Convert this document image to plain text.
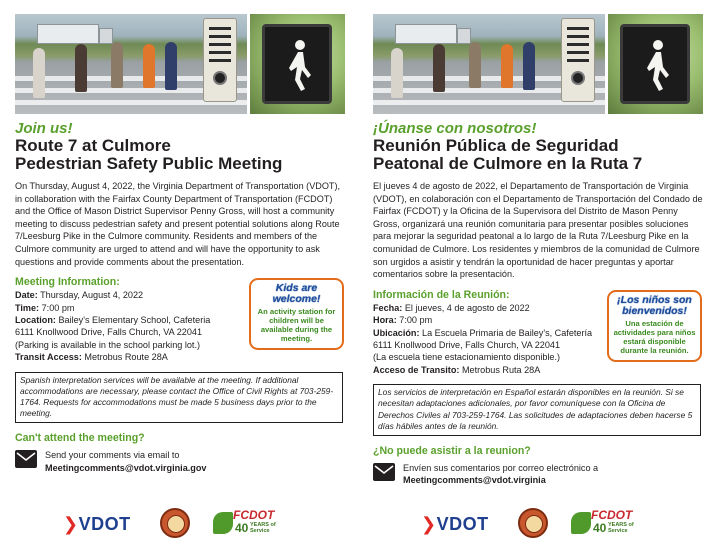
Join us!
Route 7 at Culmore
Pedestrian Safety Public Meeting

On Thursday, August 4, 2022, the Virginia Department of Transportation (VDOT), in collaboration with the Fairfax County Department of Transportation (FCDOT) and the Office of Mason District Supervisor Penny Gross, will host a community meeting to discuss pedestrian safety and present potential solutions along Route 7/Leesburg Pike in the Culmore community. Residents and members of the Culmore community are urged to attend and will have the opportunity to ask questions and provide comments about the presentation.

Meeting Information:
Date: Thursday, August 4, 2022
Time: 7:00 pm
Location: Bailey's Elementary School, Cafeteria
6111 Knollwood Drive, Falls Church, VA 22041
(Parking is available in the school parking lot.)
Transit Access: Metrobus Route 28A
Kids are welcome!
An activity station for children will be available during the meeting.
Spanish interpretation services will be available at the meeting. If additional accommodations are necessary, please contact the Office of Civil Rights at 703-259-1764. Requests for accommodations must be made 5 business days prior to the meeting.
Can't attend the meeting?
Send your comments via email to
Meetingcomments@vdot.virginia.gov
❯VDOT	FCDOT
40 YEARS of Service
¡Únanse con nosotros!
Reunión Pública de Seguridad
Peatonal de Culmore en la Ruta 7

El jueves 4 de agosto de 2022, el Departamento de Transportación de Virginia (VDOT), en colaboración con el Departamento de Transportación del Condado de Fairfax (FCDOT) y la Oficina de la Supervisora del Distrito de Mason Penny Gross, organizará una reunión comunitaria para presentar posibles soluciones para mejorar la seguridad peatonal a lo largo de la Ruta 7/Leesburg Pike en la comunidad de Culmore. Los residentes y miembros de la comunidad de Culmore son urgidos a asistir y tendrán la oportunidad de hacer preguntas y aportar comentarios sobre la presentación.

Información de la Reunión:
Fecha: El jueves, 4 de agosto de 2022
Hora: 7:00 pm
Ubicación: La Escuela Primaria de Bailey's, Cafetería
6111 Knollwood Drive, Falls Church, VA 22041
(La escuela tiene estacionamiento disponible.)
Acceso de Transito: Metrobus Ruta 28A
¡Los niños son bienvenidos!
Una estación de actividades para niños estará disponible durante la reunión.
Los servicios de interpretación en Español estarán disponibles en la reunión. Si se necesitan adaptaciones adicionales, por favor comuníquese con la Oficina de Derechos Civiles al 703-259-1764. Las solicitudes de adaptaciones deben hacerse 5 días hábiles antes de la reunión.
¿No puede asistir a la reunion?
Envíen sus comentarios por correo electrónico a
Meetingcomments@vdot.virginia
❯VDOT	FCDOT
40 YEARS of Service
